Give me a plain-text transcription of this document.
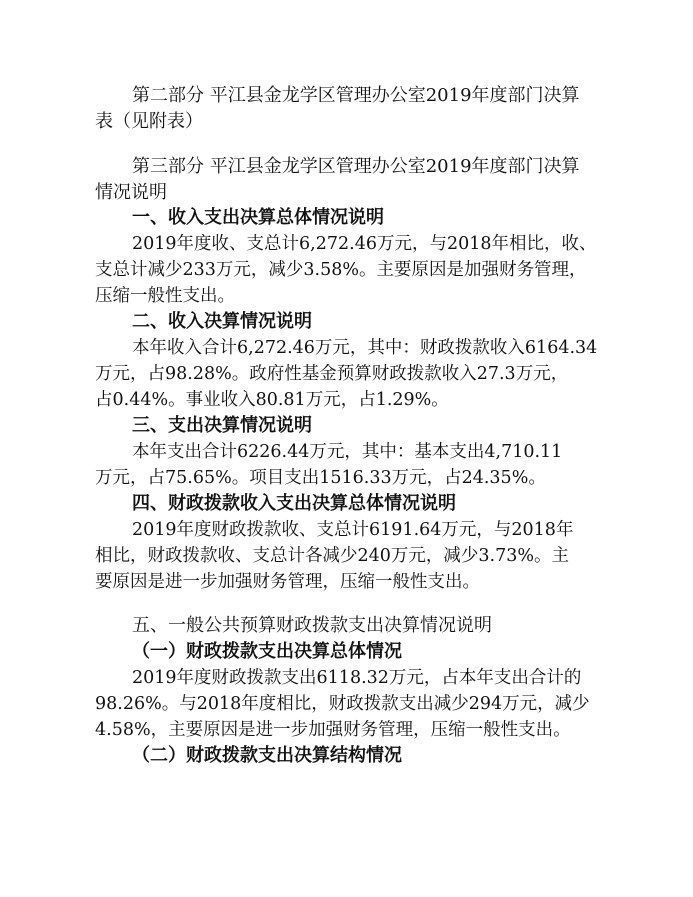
第二部分 平江县金龙学区管理办公室2019年度部门决算
表（见附表）
第三部分 平江县金龙学区管理办公室2019年度部门决算
情况说明
一、收入支出决算总体情况说明
2019年度收、支总计6,272.46万元，与2018年相比，收、
支总计减少233万元，减少3.58%。主要原因是加强财务管理，
压缩一般性支出。
二、收入决算情况说明
本年收入合计6,272.46万元，其中：财政拨款收入6164.34
万元，占98.28%。政府性基金预算财政拨款收入27.3万元，
占0.44%。事业收入80.81万元，占1.29%。
三、支出决算情况说明
本年支出合计6226.44万元，其中：基本支出4,710.11
万元，占75.65%。项目支出1516.33万元，占24.35%。
四、财政拨款收入支出决算总体情况说明
2019年度财政拨款收、支总计6191.64万元，与2018年
相比，财政拨款收、支总计各减少240万元，减少3.73%。主
要原因是进一步加强财务管理，压缩一般性支出。
五、一般公共预算财政拨款支出决算情况说明
（一）财政拨款支出决算总体情况
2019年度财政拨款支出6118.32万元，占本年支出合计的
98.26%。与2018年度相比，财政拨款支出减少294万元，减少
4.58%，主要原因是进一步加强财务管理，压缩一般性支出。
（二）财政拨款支出决算结构情况
